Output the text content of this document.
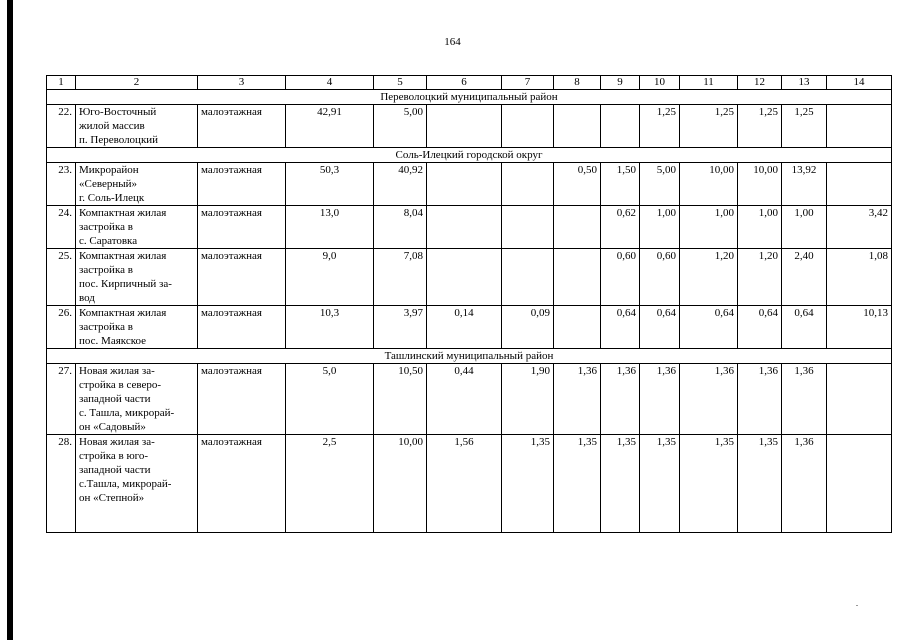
164
1	2	3	4	5	6	7	8	9	10	11	12	13	14
Переволоцкий муниципальный район													
22.	Юго-Восточный
жилой массив
п. Переволоцкий	малоэтажная	42,91	5,00					1,25	1,25	1,25	1,25	
Соль-Илецкий городской округ													
23.	Микрорайон
«Северный»
г. Соль-Илецк	малоэтажная	50,3	40,92			0,50	1,50	5,00	10,00	10,00	13,92	
24.	Компактная жилая
застройка в
с. Саратовка	малоэтажная	13,0	8,04				0,62	1,00	1,00	1,00	1,00	3,42
25.	Компактная жилая
застройка в
пос. Кирпичный за-
вод	малоэтажная	9,0	7,08				0,60	0,60	1,20	1,20	2,40	1,08
26.	Компактная жилая
застройка в
пос. Маякское	малоэтажная	10,3	3,97	0,14	0,09		0,64	0,64	0,64	0,64	0,64	10,13
Ташлинский муниципальный район													
27.	Новая жилая за-
стройка в северо-
западной части
с. Ташла, микрорай-
он «Садовый»	малоэтажная	5,0	10,50	0,44	1,90	1,36	1,36	1,36	1,36	1,36	1,36	
28.	Новая жилая за-
стройка в юго-
западной части
с.Ташла, микрорай-
он «Степной»	малоэтажная	2,5	10,00	1,56	1,35	1,35	1,35	1,35	1,35	1,35	1,36	
